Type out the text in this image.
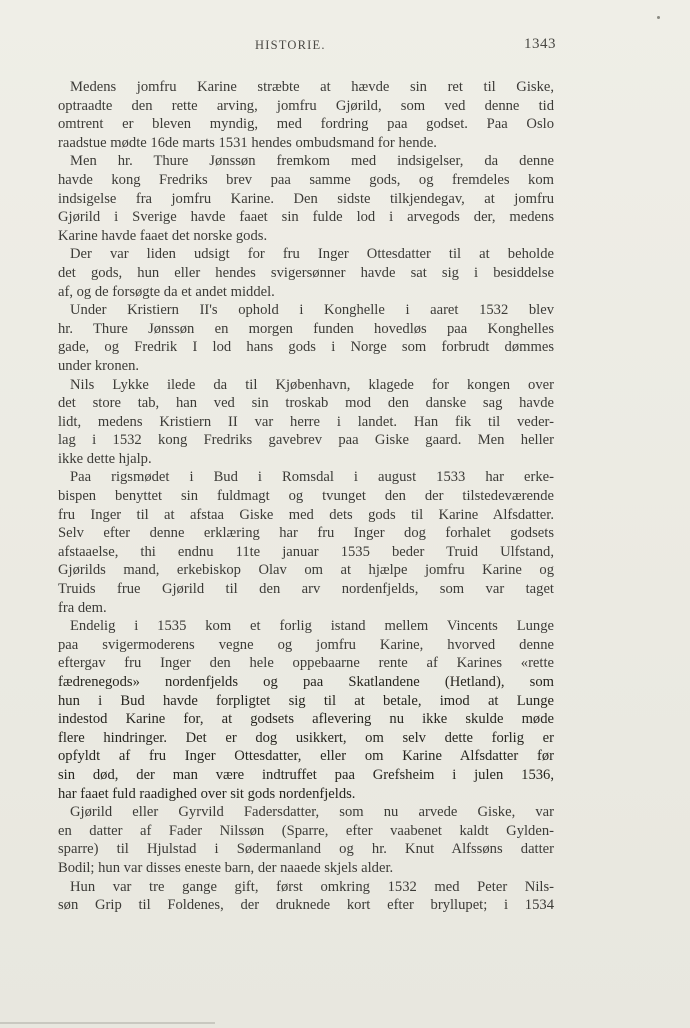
HISTORIE.	1343
Medens jomfru Karine stræbte at hævde sin ret til Giske,
optraadte den rette arving, jomfru Gjørild, som ved denne tid
omtrent er bleven myndig, med fordring paa godset. Paa Oslo
raadstue mødte 16de marts 1531 hendes ombudsmand for hende.
Men hr. Thure Jønssøn fremkom med indsigelser, da denne
havde kong Fredriks brev paa samme gods, og fremdeles kom
indsigelse fra jomfru Karine. Den sidste tilkjendegav, at jomfru
Gjørild i Sverige havde faaet sin fulde lod i arvegods der, medens
Karine havde faaet det norske gods.
Der var liden udsigt for fru Inger Ottesdatter til at beholde
det gods, hun eller hendes svigersønner havde sat sig i besiddelse
af, og de forsøgte da et andet middel.
Under Kristiern II's ophold i Konghelle i aaret 1532 blev
hr. Thure Jønssøn en morgen funden hovedløs paa Konghelles
gade, og Fredrik I lod hans gods i Norge som forbrudt dømmes
under kronen.
Nils Lykke ilede da til Kjøbenhavn, klagede for kongen over
det store tab, han ved sin troskab mod den danske sag havde
lidt, medens Kristiern II var herre i landet. Han fik til veder-
lag i 1532 kong Fredriks gavebrev paa Giske gaard. Men heller
ikke dette hjalp.
Paa rigsmødet i Bud i Romsdal i august 1533 har erke-
bispen benyttet sin fuldmagt og tvunget den der tilstedeværende
fru Inger til at afstaa Giske med dets gods til Karine Alfsdatter.
Selv efter denne erklæring har fru Inger dog forhalet godsets
afstaaelse, thi endnu 11te januar 1535 beder Truid Ulfstand,
Gjørilds mand, erkebiskop Olav om at hjælpe jomfru Karine og
Truids frue Gjørild til den arv nordenfjelds, som var taget
fra dem.
Endelig i 1535 kom et forlig istand mellem Vincents Lunge
paa svigermoderens vegne og jomfru Karine, hvorved denne
eftergav fru Inger den hele oppebaarne rente af Karines «rette
fædrenegods» nordenfjelds og paa Skatlandene (Hetland), som
hun i Bud havde forpligtet sig til at betale, imod at Lunge
indestod Karine for, at godsets aflevering nu ikke skulde møde
flere hindringer. Det er dog usikkert, om selv dette forlig er
opfyldt af fru Inger Ottesdatter, eller om Karine Alfsdatter før
sin død, der man være indtruffet paa Grefsheim i julen 1536,
har faaet fuld raadighed over sit gods nordenfjelds.
Gjørild eller Gyrvild Fadersdatter, som nu arvede Giske, var
en datter af Fader Nilssøn (Sparre, efter vaabenet kaldt Gylden-
sparre) til Hjulstad i Sødermanland og hr. Knut Alfssøns datter
Bodil; hun var disses eneste barn, der naaede skjels alder.
Hun var tre gange gift, først omkring 1532 med Peter Nils-
søn Grip til Foldenes, der druknede kort efter bryllupet; i 1534
